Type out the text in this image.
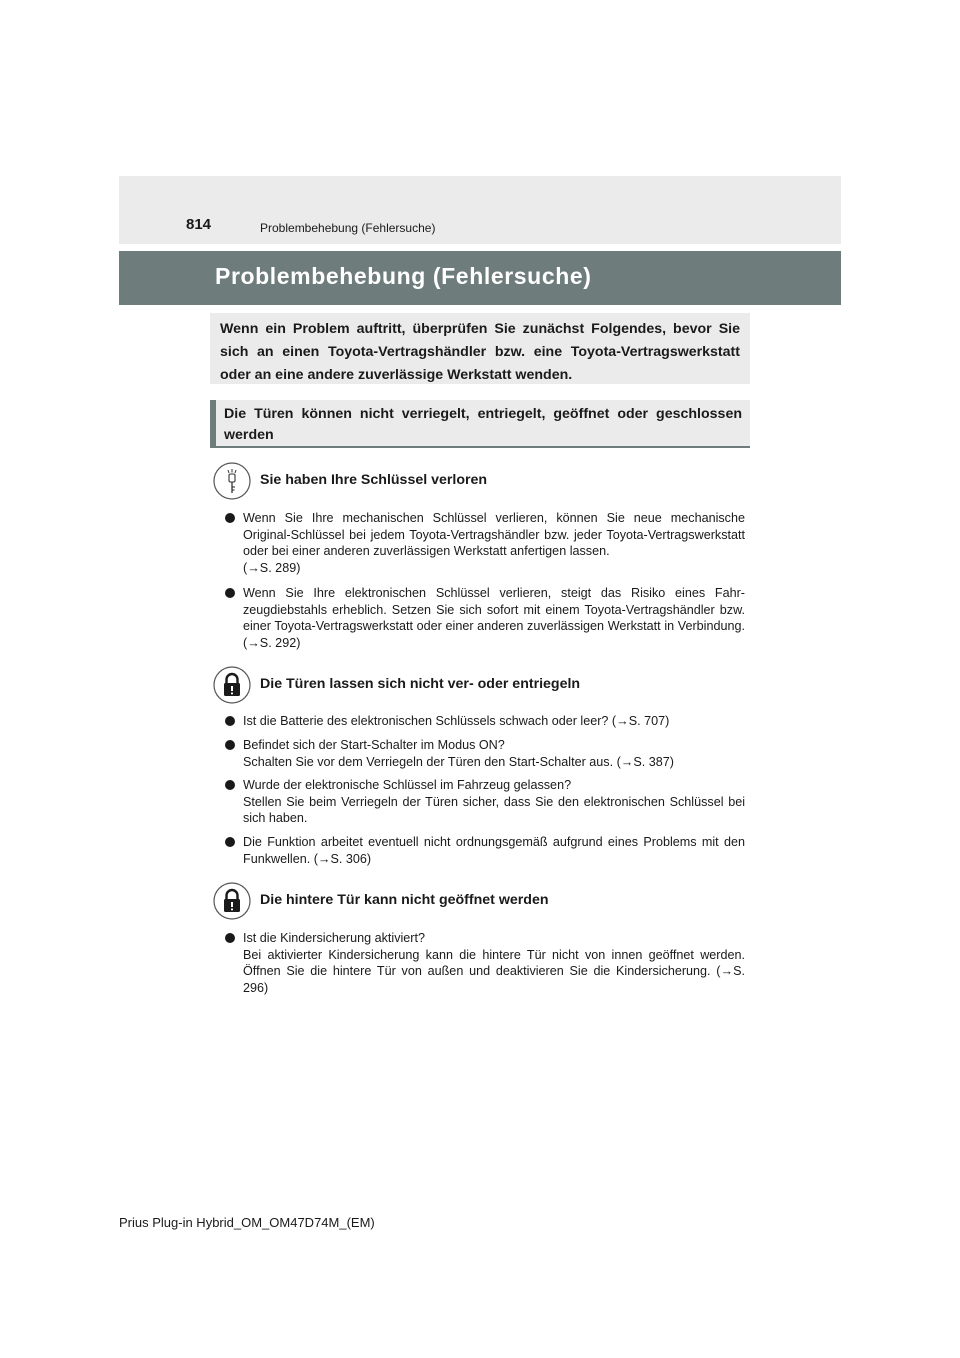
814	Problembehebung (Fehlersuche)
Problembehebung (Fehlersuche)

Wenn ein Problem auftritt, überprüfen Sie zunächst Folgendes, bevor Sie sich an einen Toyota-Vertragshändler bzw. eine Toyota-Vertragswerkstatt oder an eine andere zuverlässige Werkstatt wenden.

Die Türen können nicht verriegelt, entriegelt, geöffnet oder geschlossen werden

Sie haben Ihre Schlüssel verloren
Wenn Sie Ihre mechanischen Schlüssel verlieren, können Sie neue mechanische Original-Schlüssel bei jedem Toyota-Vertragshändler bzw. jeder Toyota-Vertragswerkstatt oder bei einer anderen zuverlässigen Werkstatt anfertigen lassen.
(→S. 289)
Wenn Sie Ihre elektronischen Schlüssel verlieren, steigt das Risiko eines Fahrzeugdiebstahls erheblich. Setzen Sie sich sofort mit einem Toyota-Vertragshändler bzw. einer Toyota-Vertragswerkstatt oder einer anderen zuverlässigen Werkstatt in Verbindung. (→S. 292)
Die Türen lassen sich nicht ver- oder entriegeln
Ist die Batterie des elektronischen Schlüssels schwach oder leer? (→S. 707)
Befindet sich der Start-Schalter im Modus ON?
Schalten Sie vor dem Verriegeln der Türen den Start-Schalter aus. (→S. 387)
Wurde der elektronische Schlüssel im Fahrzeug gelassen?
Stellen Sie beim Verriegeln der Türen sicher, dass Sie den elektronischen Schlüssel bei sich haben.
Die Funktion arbeitet eventuell nicht ordnungsgemäß aufgrund eines Problems mit den Funkwellen. (→S. 306)
Die hintere Tür kann nicht geöffnet werden
Ist die Kindersicherung aktiviert?
Bei aktivierter Kindersicherung kann die hintere Tür nicht von innen geöffnet werden. Öffnen Sie die hintere Tür von außen und deaktivieren Sie die Kindersicherung. (→S. 296)
Prius Plug-in Hybrid_OM_OM47D74M_(EM)
